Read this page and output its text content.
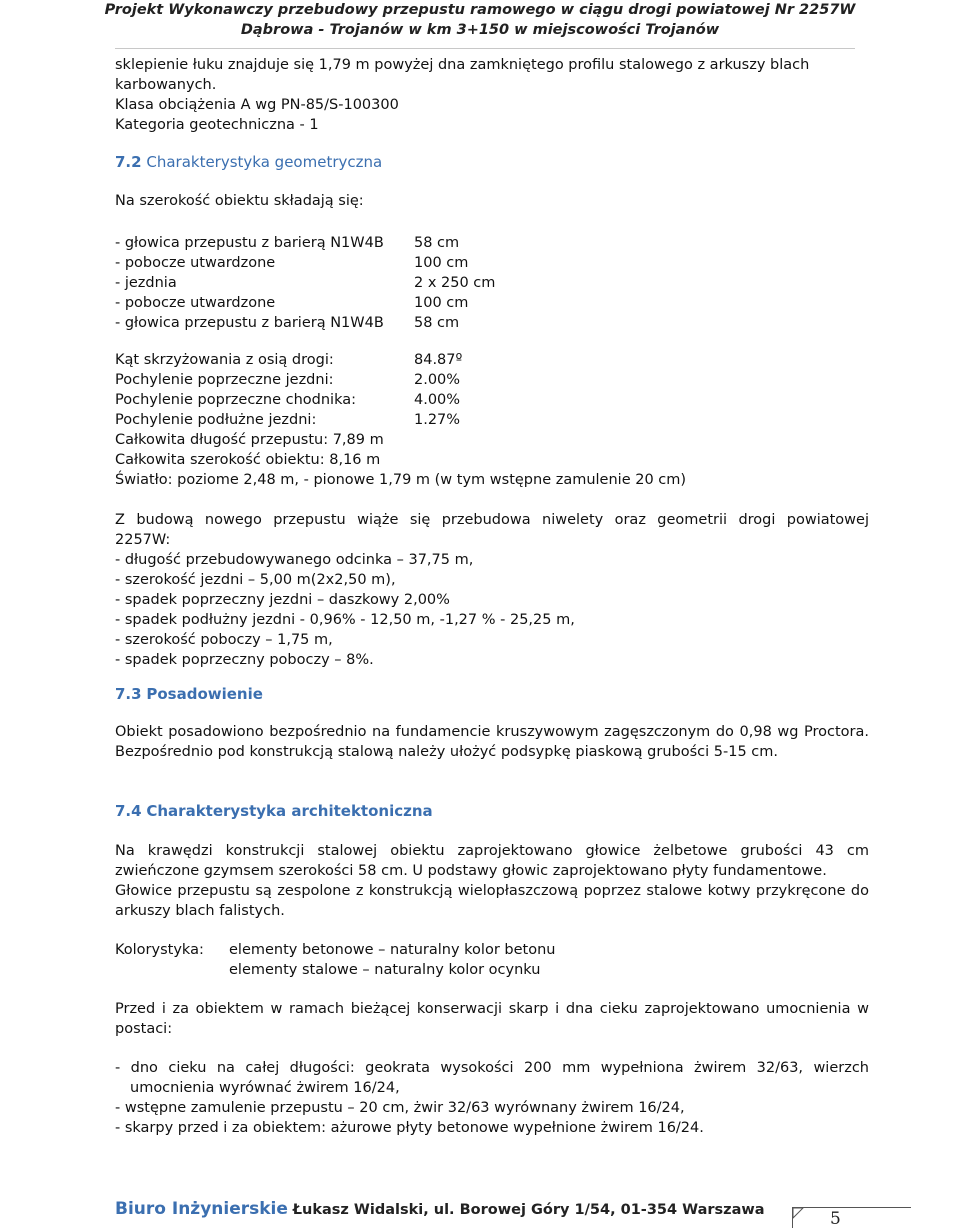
Projekt Wykonawczy przebudowy przepustu ramowego w ciągu drogi powiatowej Nr 2257W
Dąbrowa - Trojanów w km 3+150 w miejscowości Trojanów
sklepienie łuku znajduje się 1,79 m powyżej dna zamkniętego profilu stalowego z arkuszy blach
karbowanych.
Klasa obciążenia A wg PN-85/S-100300
Kategoria geotechniczna - 1
7.2 Charakterystyka geometryczna
Na szerokość obiektu składają się:
- głowica przepustu z barierą N1W4B 58 cm
- pobocze utwardzone	100 cm
- jezdnia	2 x 250 cm
- pobocze utwardzone	100 cm
- głowica przepustu z barierą N1W4B 58 cm
Kąt skrzyżowania z osią drogi:	84.87º
Pochylenie poprzeczne jezdni:	2.00%
Pochylenie poprzeczne chodnika:	4.00%
Pochylenie podłużne jezdni:	1.27%
Całkowita długość przepustu: 7,89 m
Całkowita szerokość obiektu: 8,16 m
Światło: poziome 2,48 m, - pionowe 1,79 m (w tym wstępne zamulenie 20 cm)
Z budową nowego przepustu wiąże się przebudowa niwelety oraz geometrii drogi powiatowej
2257W:
- długość przebudowywanego odcinka – 37,75 m,
- szerokość jezdni – 5,00 m(2x2,50 m),
- spadek poprzeczny jezdni – daszkowy 2,00%
- spadek podłużny jezdni - 0,96% - 12,50 m, -1,27 % - 25,25 m,
- szerokość poboczy – 1,75 m,
- spadek poprzeczny poboczy – 8%.
7.3 Posadowienie
Obiekt posadowiono bezpośrednio na fundamencie kruszywowym zagęszczonym do 0,98 wg Proctora. Bezpośrednio pod konstrukcją stalową należy ułożyć podsypkę piaskową grubości 5-15 cm.
7.4 Charakterystyka architektoniczna
Na krawędzi konstrukcji stalowej obiektu zaprojektowano głowice żelbetowe grubości 43 cm zwieńczone gzymsem szerokości 58 cm. U podstawy głowic zaprojektowano płyty fundamentowe.
Głowice przepustu są zespolone z konstrukcją wielopłaszczową poprzez stalowe kotwy przykręcone do arkuszy blach falistych.
Kolorystyka: elementy betonowe – naturalny kolor betonu
elementy stalowe – naturalny kolor ocynku
Przed i za obiektem w ramach bieżącej konserwacji skarp i dna cieku zaprojektowano umocnienia w postaci:
- dno cieku na całej długości: geokrata wysokości 200 mm wypełniona żwirem 32/63, wierzch
umocnienia wyrównać żwirem 16/24,
- wstępne zamulenie przepustu – 20 cm, żwir 32/63 wyrównany żwirem 16/24,
- skarpy przed i za obiektem: ażurowe płyty betonowe wypełnione żwirem 16/24.
Biuro Inżynierskie Łukasz Widalski, ul. Borowej Góry 1/54, 01-354 Warszawa	5
